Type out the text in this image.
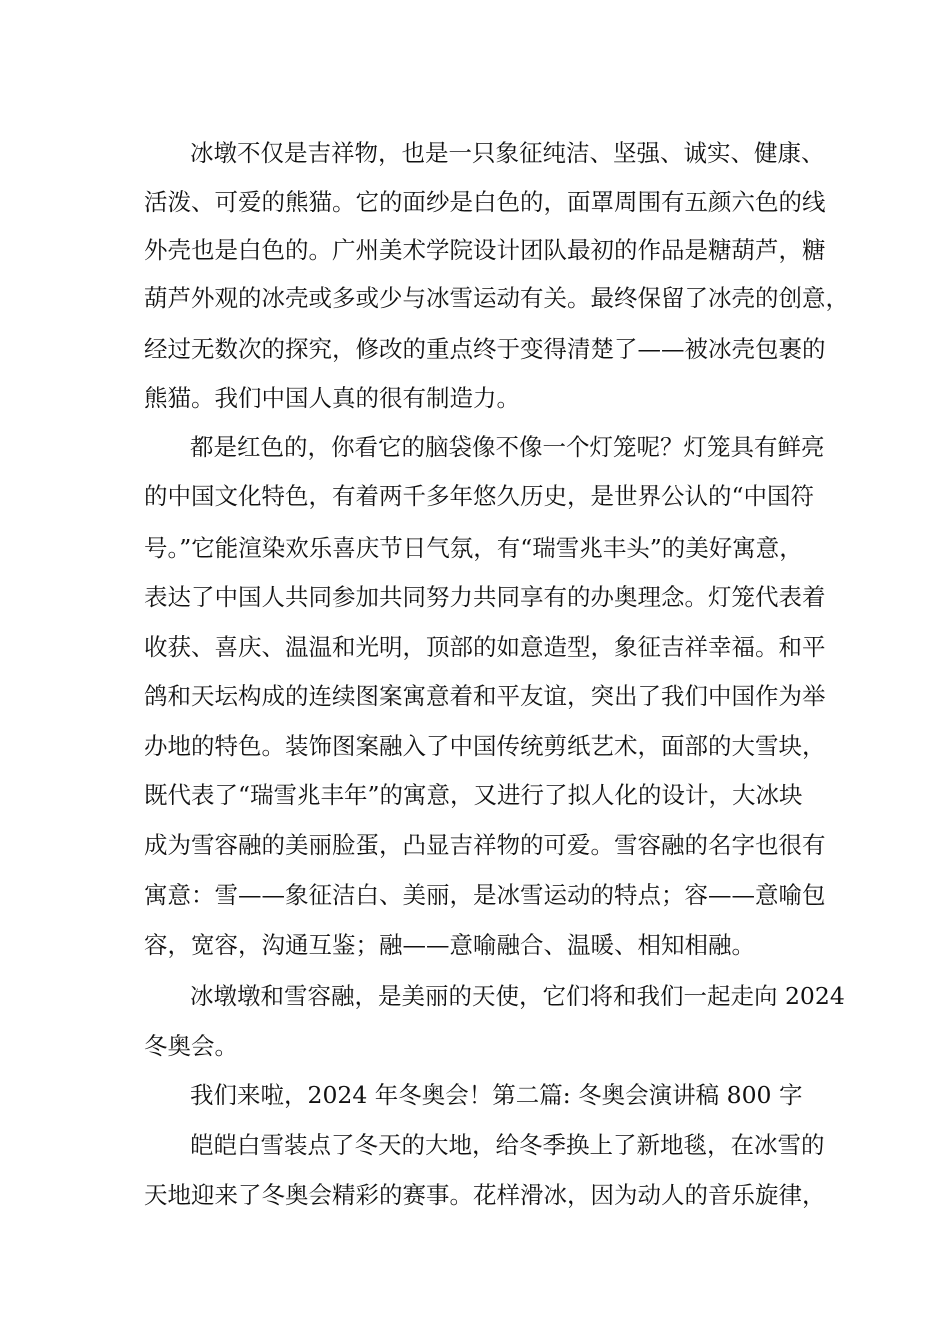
冰墩不仅是吉祥物，也是一只象征纯洁、坚强、诚实、健康、
活泼、可爱的熊猫。它的面纱是白色的，面罩周围有五颜六色的线
外壳也是白色的。广州美术学院设计团队最初的作品是糖葫芦，糖
葫芦外观的冰壳或多或少与冰雪运动有关。最终保留了冰壳的创意，
经过无数次的探究，修改的重点终于变得清楚了——被冰壳包裹的
熊猫。我们中国人真的很有制造力。
都是红色的，你看它的脑袋像不像一个灯笼呢？灯笼具有鲜亮
的中国文化特色，有着两千多年悠久历史，是世界公认的“中国符
号。”它能渲染欢乐喜庆节日气氛，有“瑞雪兆丰头”的美好寓意，
表达了中国人共同参加共同努力共同享有的办奥理念。灯笼代表着
收获、喜庆、温温和光明，顶部的如意造型，象征吉祥幸福。和平
鸽和天坛构成的连续图案寓意着和平友谊，突出了我们中国作为举
办地的特色。装饰图案融入了中国传统剪纸艺术，面部的大雪块，
既代表了“瑞雪兆丰年”的寓意，又进行了拟人化的设计，大冰块
成为雪容融的美丽脸蛋，凸显吉祥物的可爱。雪容融的名字也很有
寓意：雪——象征洁白、美丽，是冰雪运动的特点；容——意喻包
容，宽容，沟通互鉴；融——意喻融合、温暖、相知相融。
冰墩墩和雪容融，是美丽的天使，它们将和我们一起走向 2024
冬奥会。
我们来啦，2024 年冬奥会！第二篇: 冬奥会演讲稿 800 字
皑皑白雪装点了冬天的大地，给冬季换上了新地毯，在冰雪的
天地迎来了冬奥会精彩的赛事。花样滑冰，因为动人的音乐旋律，
